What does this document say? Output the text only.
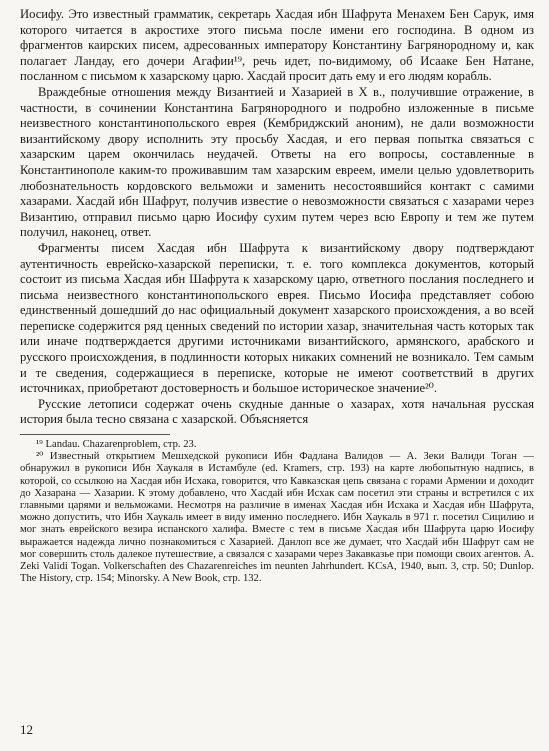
Иосифу. Это известный грамматик, секретарь Хасдая ибн Шафрута Менахем Бен Сарук, имя которого читается в акростихе этого письма после имени его господина. В одном из фрагментов каирских писем, адресованных императору Константину Багрянородному и, как полагает Ландау, его дочери Агафии¹⁹, речь идет, по-видимому, об Исааке Бен Натане, посланном с письмом к хазарскому царю. Хасдай просит дать ему и его людям корабль.

Враждебные отношения между Византией и Хазарией в X в., получившие отражение, в частности, в сочинении Константина Багрянородного и подробно изложенные в письме неизвестного константинопольского еврея (Кембриджский аноним), не дали возможности византийскому двору исполнить эту просьбу Хасдая, и его первая попытка связаться с хазарским царем окончилась неудачей. Ответы на его вопросы, составленные в Константинополе каким-то проживавшим там хазарским евреем, имели целью удовлетворить любознательность кордовского вельможи и заменить несостоявшийся контакт с самими хазарами. Хасдай ибн Шафрут, получив известие о невозможности связаться с хазарами через Византию, отправил письмо царю Иосифу сухим путем через всю Европу и тем же путем получил, наконец, ответ.

Фрагменты писем Хасдая ибн Шафрута к византийскому двору подтверждают аутентичность еврейско-хазарской переписки, т. е. того комплекса документов, который состоит из письма Хасдая ибн Шафрута к хазарскому царю, ответного послания последнего и письма неизвестного константинопольского еврея. Письмо Иосифа представляет собою единственный дошедший до нас официальный документ хазарского происхождения, а во всей переписке содержится ряд ценных сведений по истории хазар, значительная часть которых так или иначе подтверждается другими источниками византийского, армянского, арабского и русского происхождения, в подлинности которых никаких сомнений не возникало. Тем самым и те сведения, содержащиеся в переписке, которые не имеют соответствий в других источниках, приобретают достоверность и большое историческое значение²⁰.

Русские летописи содержат очень скудные данные о хазарах, хотя начальная русская история была тесно связана с хазарской. Объясняется

¹⁹ Landau. Chazarenproblem, стр. 23.

²⁰ Известный открытием Мешхедской рукописи Ибн Фадлана Валидов — А. Зеки Валиди Тоган — обнаружил в рукописи Ибн Хаукаля в Истамбуле (ed. Kramers, стр. 193) на карте любопытную надпись, в которой, со ссылкою на Хасдая ибн Исхака, говорится, что Кавказская цепь связана с горами Армении и доходит до Хазарана — Хазарии. К этому добавлено, что Хасдай ибн Исхак сам посетил эти страны и встретился с их главными царями и вельможами. Несмотря на различие в именах Хасдая ибн Исхака и Хасдая ибн Шафрута, можно допустить, что Ибн Хаукаль имеет в виду именно последнего. Ибн Хаукаль в 971 г. посетил Сицилию и мог знать еврейского везира испанского халифа. Вместе с тем в письме Хасдая ибн Шафрута царю Иосифу выражается надежда лично познакомиться с Хазарией. Данлоп все же думает, что Хасдай ибн Шафрут сам не мог совершить столь далекое путешествие, а связался с хазарами через Закавказье при помощи своих агентов. A. Zeki Validi Togan. Volkerschaften des Chazarenreiches im neunten Jahrhundert. KCsA, 1940, вып. 3, стр. 50; Dunlop. The History, стр. 154; Minorsky. A New Book, стр. 132.

12
